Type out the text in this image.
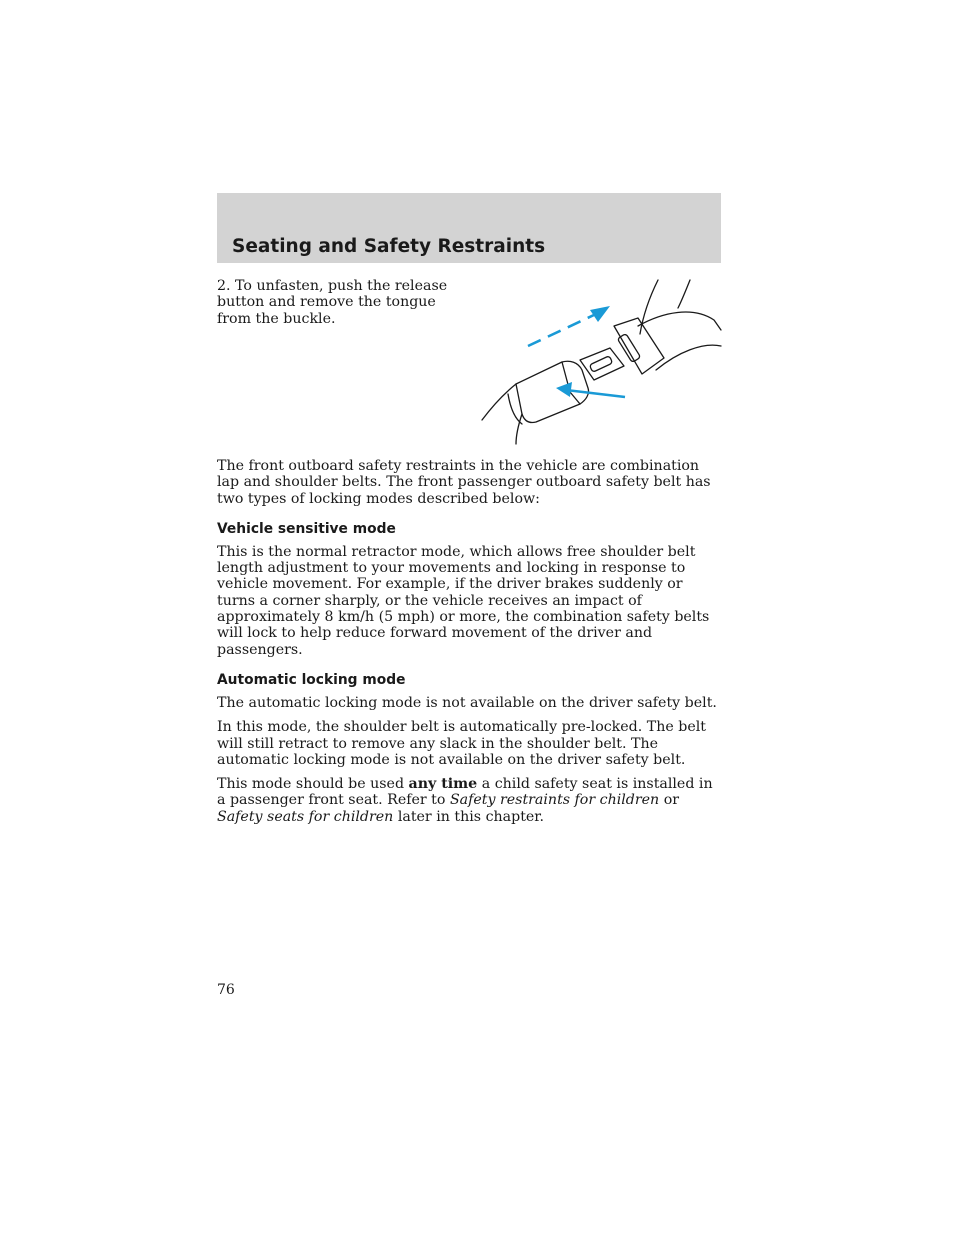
Seating and Safety Restraints

2. To unfasten, push the release button and remove the tongue from the buckle.

The front outboard safety restraints in the vehicle are combination lap and shoulder belts. The front passenger outboard safety belt has two types of locking modes described below:

Vehicle sensitive mode

This is the normal retractor mode, which allows free shoulder belt length adjustment to your movements and locking in response to vehicle movement. For example, if the driver brakes suddenly or turns a corner sharply, or the vehicle receives an impact of approximately 8 km/h (5 mph) or more, the combination safety belts will lock to help reduce forward movement of the driver and passengers.

Automatic locking mode

The automatic locking mode is not available on the driver safety belt.

In this mode, the shoulder belt is automatically pre-locked. The belt will still retract to remove any slack in the shoulder belt. The automatic locking mode is not available on the driver safety belt.

This mode should be used any time a child safety seat is installed in a passenger front seat. Refer to Safety restraints for children or Safety seats for children later in this chapter.

76
